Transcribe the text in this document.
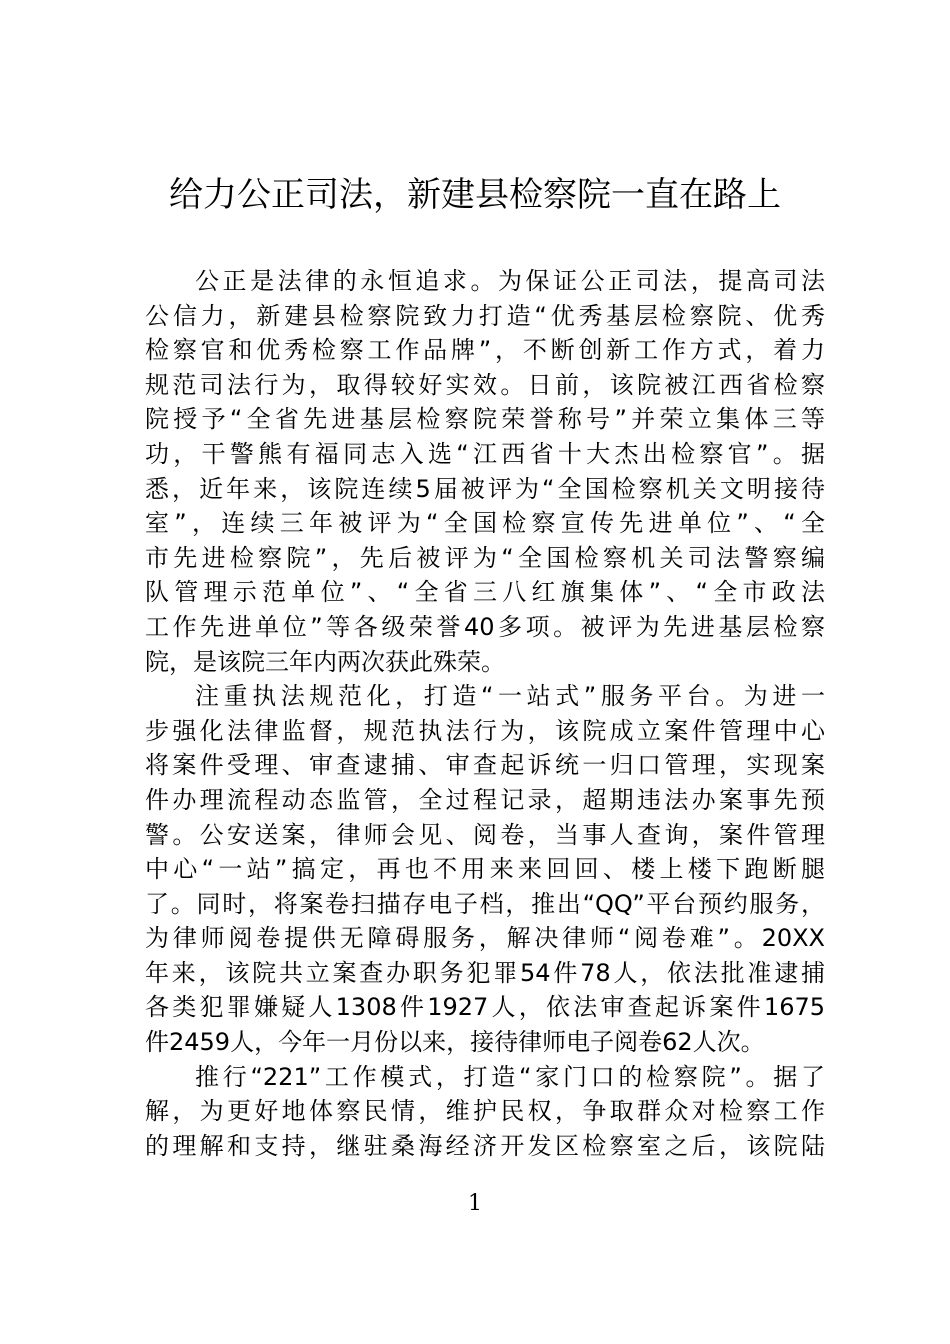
给力公正司法，新建县检察院一直在路上
公正是法律的永恒追求。为保证公正司法，提高司法
公信力，新建县检察院致力打造“优秀基层检察院、优秀
检察官和优秀检察工作品牌”，不断创新工作方式，着力
规范司法行为，取得较好实效。日前，该院被江西省检察
院授予“全省先进基层检察院荣誉称号”并荣立集体三等
功，干警熊有福同志入选“江西省十大杰出检察官”。据
悉，近年来，该院连续5届被评为“全国检察机关文明接待
室”，连续三年被评为“全国检察宣传先进单位”、“全
市先进检察院”，先后被评为“全国检察机关司法警察编
队管理示范单位”、“全省三八红旗集体”、“全市政法
工作先进单位”等各级荣誉40多项。被评为先进基层检察
院，是该院三年内两次获此殊荣。
注重执法规范化，打造“一站式”服务平台。为进一
步强化法律监督，规范执法行为，该院成立案件管理中心
将案件受理、审查逮捕、审查起诉统一归口管理，实现案
件办理流程动态监管，全过程记录，超期违法办案事先预
警。公安送案，律师会见、阅卷，当事人查询，案件管理
中心“一站”搞定，再也不用来来回回、楼上楼下跑断腿
了。同时，将案卷扫描存电子档，推出“QQ”平台预约服务，
为律师阅卷提供无障碍服务，解决律师“阅卷难”。20XX
年来，该院共立案查办职务犯罪54件78人，依法批准逮捕
各类犯罪嫌疑人1308件1927人，依法审查起诉案件1675
件2459人，今年一月份以来，接待律师电子阅卷62人次。
推行“221”工作模式，打造“家门口的检察院”。据了
解，为更好地体察民情，维护民权，争取群众对检察工作
的理解和支持，继驻桑海经济开发区检察室之后，该院陆
1
